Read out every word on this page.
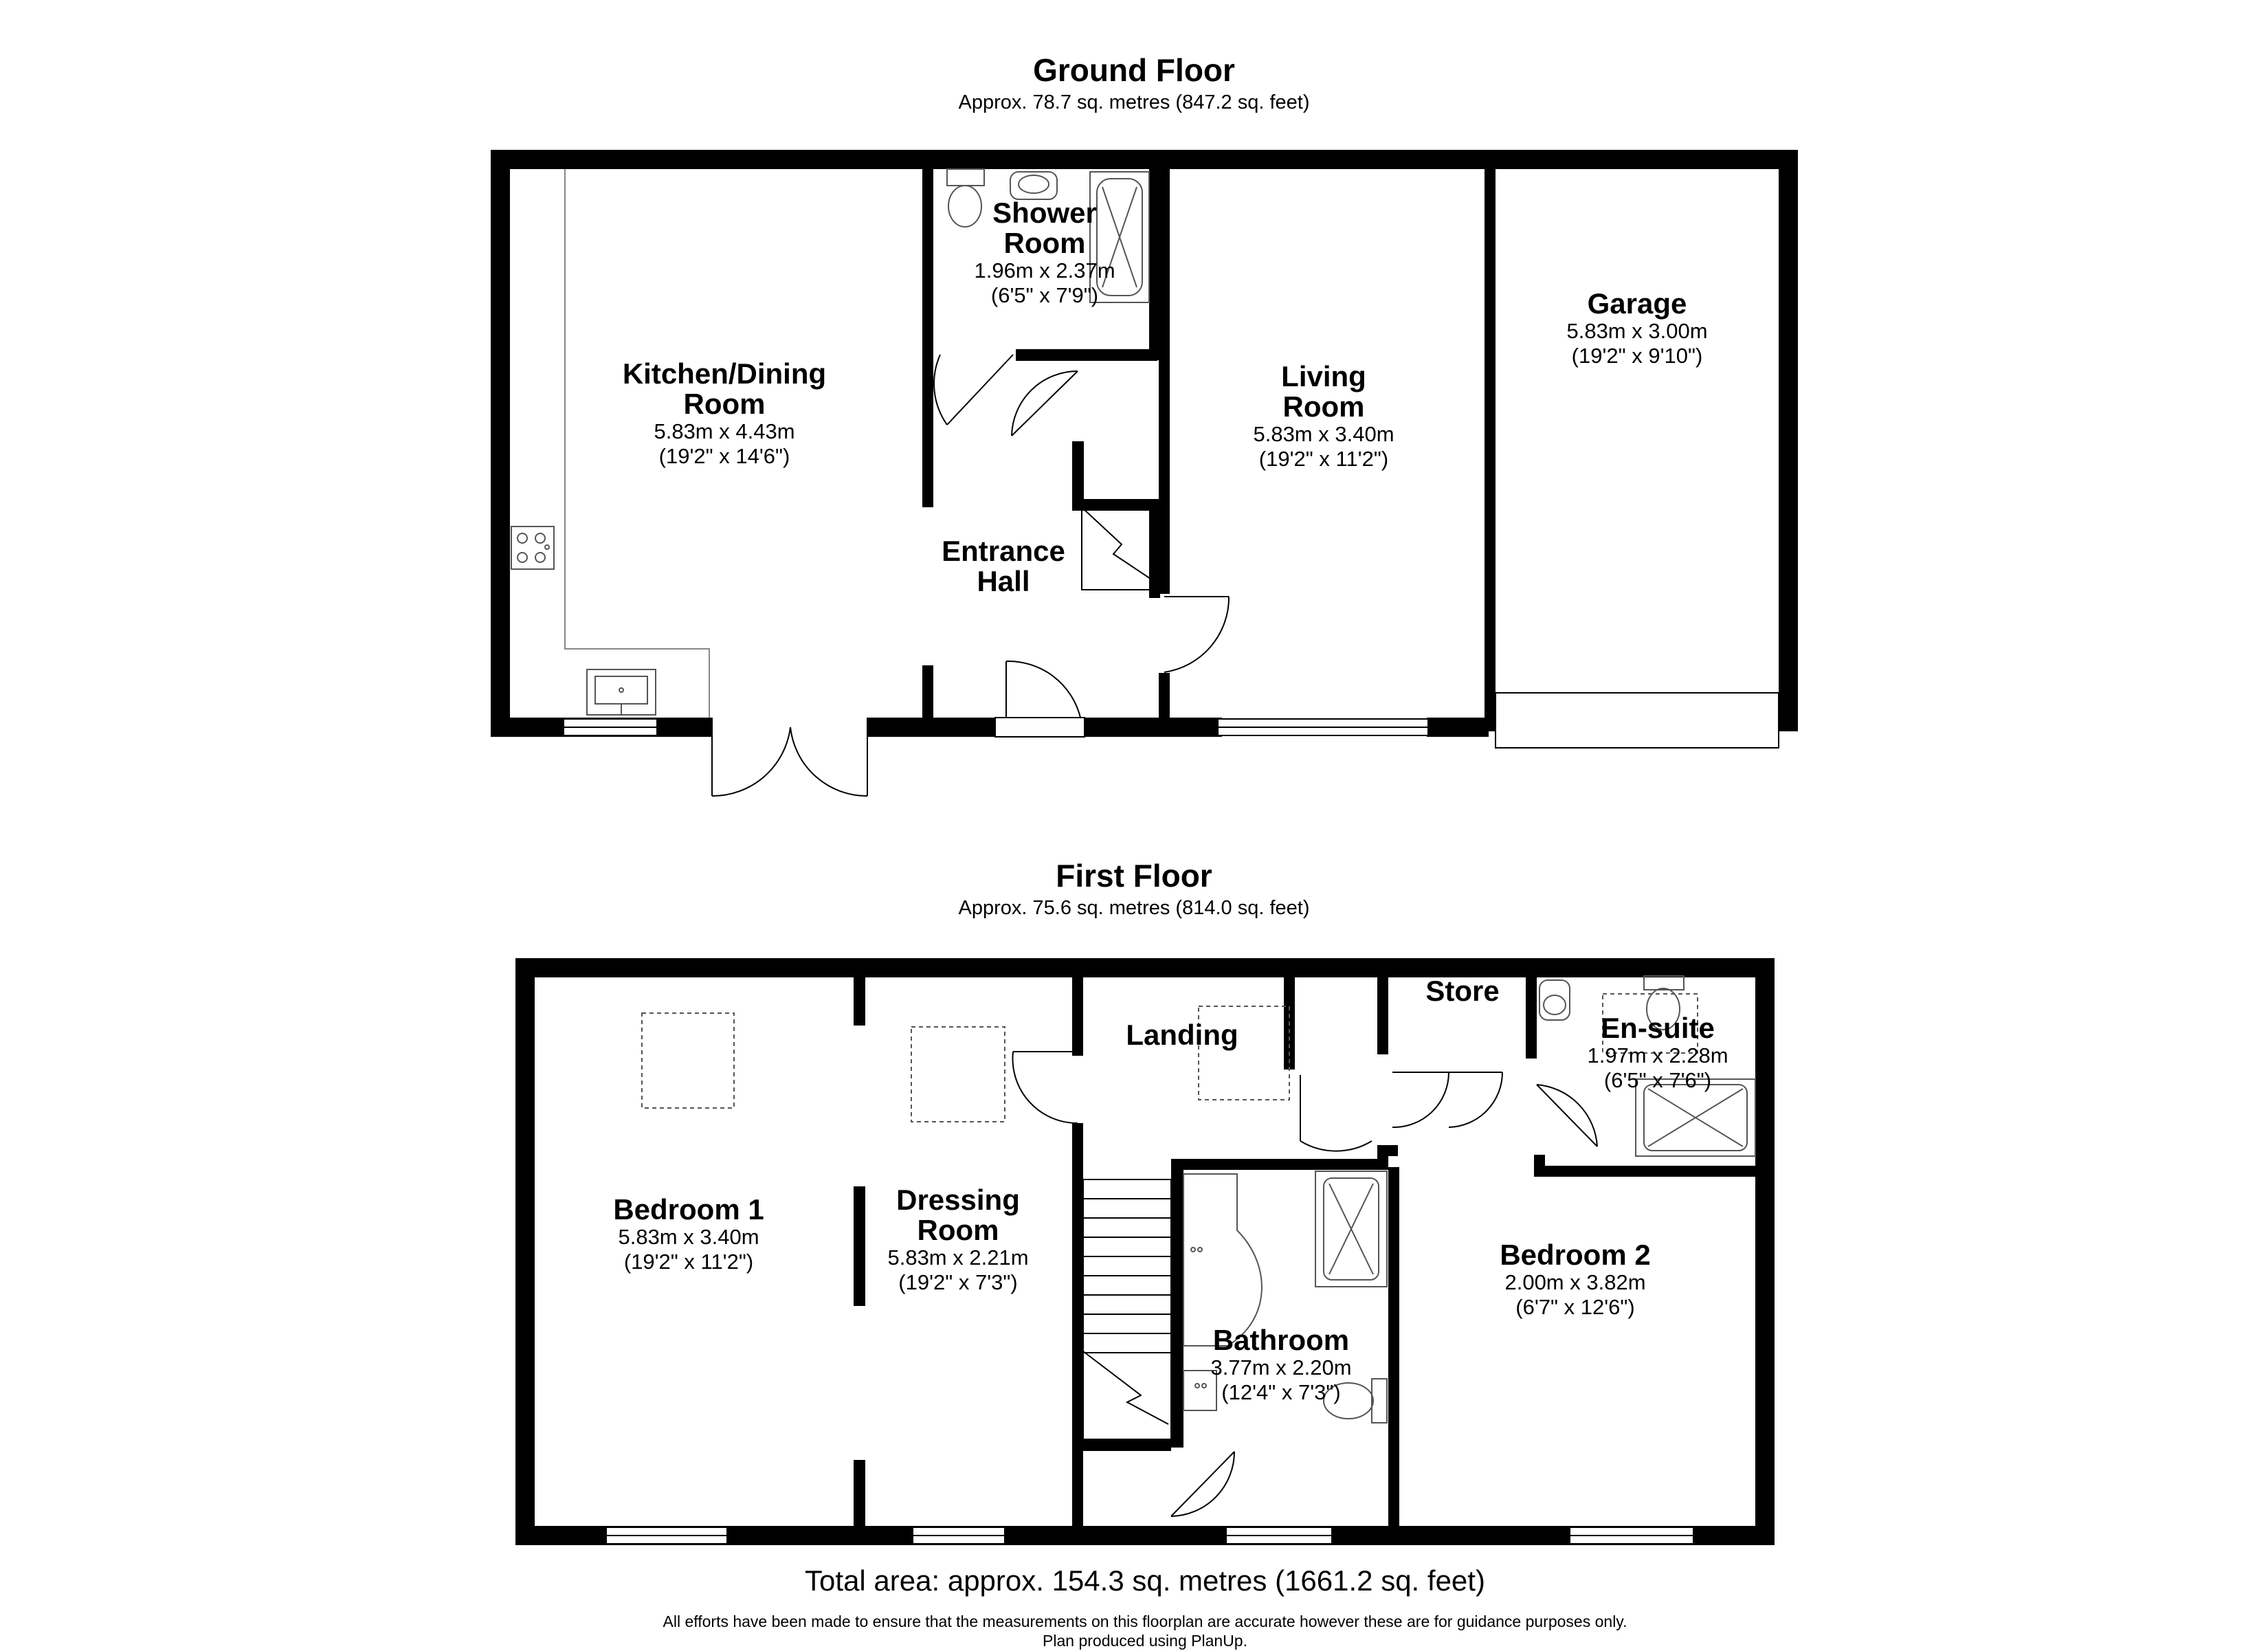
Ground Floor
Approx. 78.7 sq. metres (847.2 sq. feet)
Kitchen/Dining
Room
5.83m x 4.43m
(19'2" x 14'6")
Shower
Room
1.96m x 2.37m
(6'5" x 7'9")
Living
Room
5.83m x 3.40m
(19'2" x 11'2")
Garage
5.83m x 3.00m
(19'2" x 9'10")
Entrance
Hall
First Floor
Approx. 75.6 sq. metres (814.0 sq. feet)
Bedroom 1
5.83m x 3.40m
(19'2" x 11'2")
Dressing
Room
5.83m x 2.21m
(19'2" x 7'3")
Landing
Store
En-suite
1.97m x 2.28m
(6'5" x 7'6")
Bathroom
3.77m x 2.20m
(12'4" x 7'3")
Bedroom 2
2.00m x 3.82m
(6'7" x 12'6")
Total area: approx. 154.3 sq. metres (1661.2 sq. feet)
All efforts have been made to ensure that the measurements on this floorplan are accurate however these are for guidance purposes only.
Plan produced using PlanUp.
